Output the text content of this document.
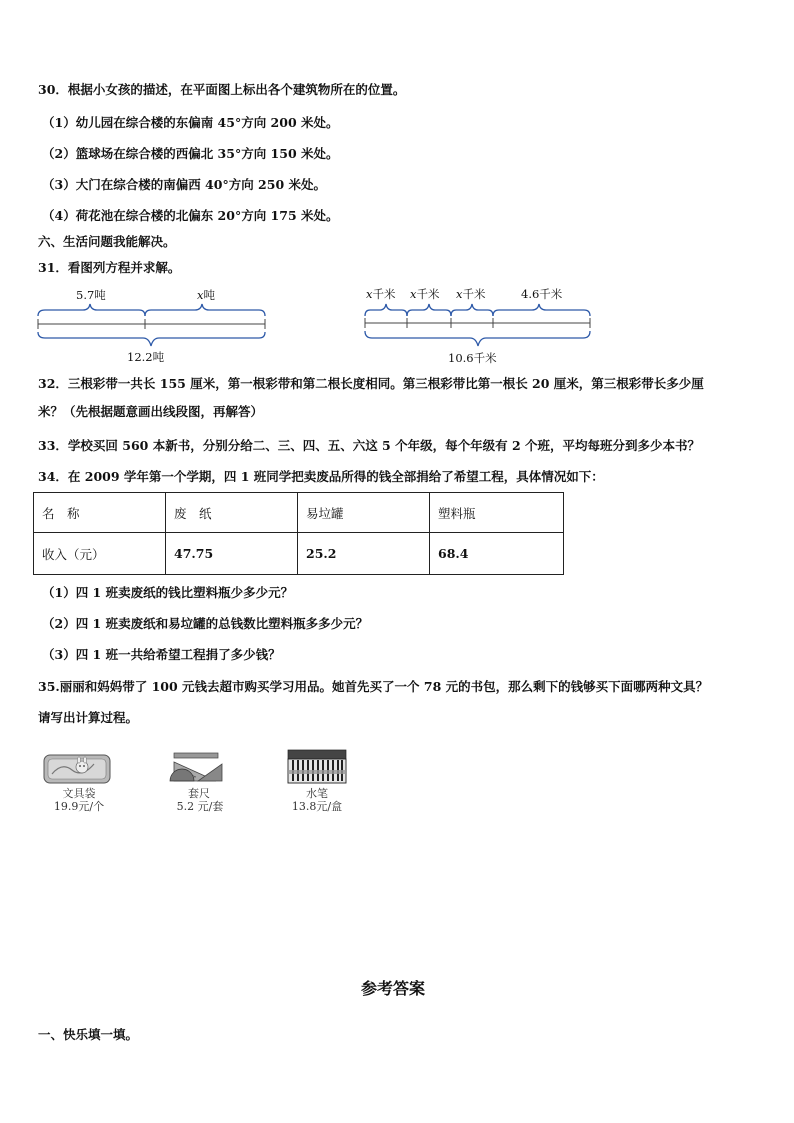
30．根据小女孩的描述，在平面图上标出各个建筑物所在的位置。
（1）幼儿园在综合楼的东偏南 45°方向 200 米处。
（2）篮球场在综合楼的西偏北 35°方向 150 米处。
（3）大门在综合楼的南偏西 40°方向 250 米处。
（4）荷花池在综合楼的北偏东 20°方向 175 米处。
六、生活问题我能解决。
31．看图列方程并求解。
5.7吨	x吨
12.2吨
x千米 x千米 x千米	4.6千米
10.6千米
32．三根彩带一共长 155 厘米，第一根彩带和第二根长度相同。第三根彩带比第一根长 20 厘米，第三根彩带长多少厘
米？（先根据题意画出线段图，再解答）
33．学校买回 560 本新书，分别分给二、三、四、五、六这 5 个年级，每个年级有 2 个班，平均每班分到多少本书？
34．在 2009 学年第一个学期，四 1 班同学把卖废品所得的钱全部捐给了希望工程，具体情况如下：
名　称	废　纸	易垃罐	塑料瓶
收入（元）	47.75	25.2	68.4
（1）四 1 班卖废纸的钱比塑料瓶少多少元？
（2）四 1 班卖废纸和易垃罐的总钱数比塑料瓶多多少元？
（3）四 1 班一共给希望工程捐了多少钱？
35.丽丽和妈妈带了 100 元钱去超市购买学习用品。她首先买了一个 78 元的书包，那么剩下的钱够买下面哪两种文具？
请写出计算过程。
文具袋
19.9元/个
套尺
5.2 元/套
水笔
13.8元/盒
参考答案
一、快乐填一填。
